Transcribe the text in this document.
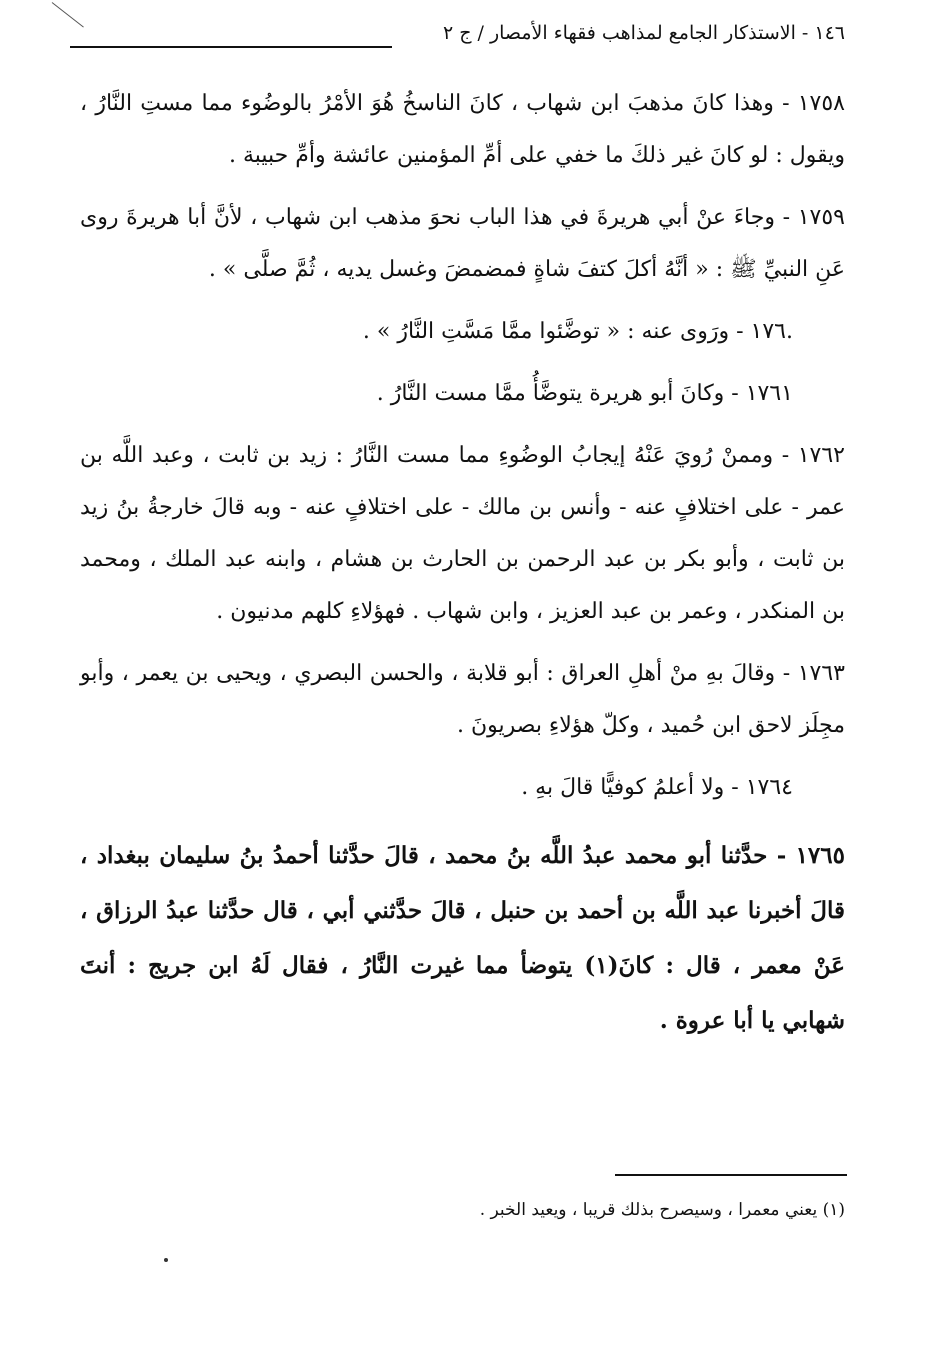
١٤٦ - الاستذكار الجامع لمذاهب فقهاء الأمصار / ج ٢

١٧٥٨ - وهذا كانَ مذهبَ ابن شهاب ، كانَ الناسخُ هُوَ الأمْرُ بالوضُوء مما مستِ النَّارُ ، ويقول : لو كانَ غير ذلكَ ما خفي على أمِّ المؤمنين عائشة وأمِّ حبيبة .

١٧٥٩ - وجاءَ عنْ أبي هريرةَ في هذا الباب نحوَ مذهب ابن شهاب ، لأنَّ أبا هريرةَ روى عَنِ النبيِّ ﷺ : « أنَّهُ أكلَ كتفَ شاةٍ فمضمضَ وغسل يديه ، ثُمَّ صلَّى » .

.١٧٦ - ورَوى عنه : « توضَّئوا ممَّا مَسَّتِ النَّارُ » .

١٧٦١ - وكانَ أبو هريرة يتوضَّأُ ممَّا مست النَّارُ .

١٧٦٢ - وممنْ رُويَ عَنْهُ إيجابُ الوضُوءِ مما مست النَّارُ : زيد بن ثابت ، وعبد اللَّه بن عمر - على اختلافٍ عنه - وأنس بن مالك - على اختلافٍ عنه - وبه قالَ خارجةُ بنُ زيد بن ثابت ، وأبو بكر بن عبد الرحمن بن الحارث بن هشام ، وابنه عبد الملك ، ومحمد بن المنكدر ، وعمر بن عبد العزيز ، وابن شهاب . فهؤلاءِ كلهم مدنيون .

١٧٦٣ - وقالَ بهِ منْ أهلِ العراق : أبو قلابة ، والحسن البصري ، ويحيى بن يعمر ، وأبو مجِلَز لاحق ابن حُميد ، وكلّ هؤلاءِ بصريونَ .

١٧٦٤ - ولا أعلمُ كوفيًّا قالَ بهِ .

١٧٦٥ - حدَّثنا أبو محمد عبدُ اللَّه بنُ محمد ، قالَ حدَّثنا أحمدُ بنُ سليمان ببغداد ، قالَ أخبرنا عبد اللَّه بن أحمد بن حنبل ، قالَ حدَّثني أبي ، قال حدَّثنا عبدُ الرزاق ، عَنْ معمر ، قال : كانَ(١) يتوضأ مما غيرت النَّارُ ، فقال لَهُ ابن جريج : أنتَ شهابي يا أبا عروة .

(١) يعني معمرا ، وسيصرح بذلك قريبا ، ويعيد الخبر .
